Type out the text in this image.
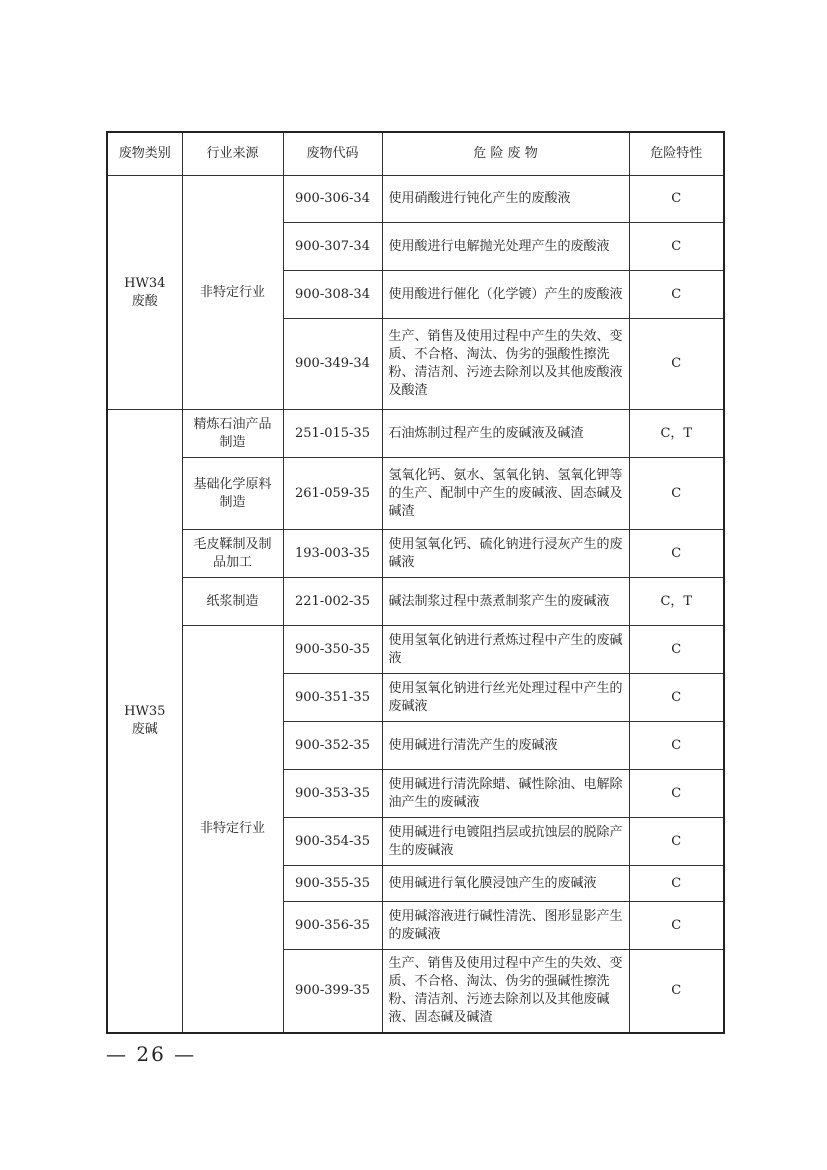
废物类别	行业来源	废物代码	危 险 废 物	危险特性
HW34
废酸	非特定行业	900-306-34	使用硝酸进行钝化产生的废酸液	C
		900-307-34	使用酸进行电解抛光处理产生的废酸液	C
		900-308-34	使用酸进行催化（化学镀）产生的废酸液	C
		900-349-34	生产、销售及使用过程中产生的失效、变质、不合格、淘汰、伪劣的强酸性擦洗粉、清洁剂、污迹去除剂以及其他废酸液及酸渣	C
HW35
废碱	精炼石油产品制造	251-015-35	石油炼制过程产生的废碱液及碱渣	C，T
	基础化学原料制造	261-059-35	氢氧化钙、氨水、氢氧化钠、氢氧化钾等的生产、配制中产生的废碱液、固态碱及碱渣	C
	毛皮鞣制及制品加工	193-003-35	使用氢氧化钙、硫化钠进行浸灰产生的废碱液	C
	纸浆制造	221-002-35	碱法制浆过程中蒸煮制浆产生的废碱液	C，T
	非特定行业	900-350-35	使用氢氧化钠进行煮炼过程中产生的废碱液	C
		900-351-35	使用氢氧化钠进行丝光处理过程中产生的废碱液	C
		900-352-35	使用碱进行清洗产生的废碱液	C
		900-353-35	使用碱进行清洗除蜡、碱性除油、电解除油产生的废碱液	C
		900-354-35	使用碱进行电镀阻挡层或抗蚀层的脱除产生的废碱液	C
		900-355-35	使用碱进行氧化膜浸蚀产生的废碱液	C
		900-356-35	使用碱溶液进行碱性清洗、图形显影产生的废碱液	C
		900-399-35	生产、销售及使用过程中产生的失效、变质、不合格、淘汰、伪劣的强碱性擦洗粉、清洁剂、污迹去除剂以及其他废碱液、固态碱及碱渣	C
— 26 —
